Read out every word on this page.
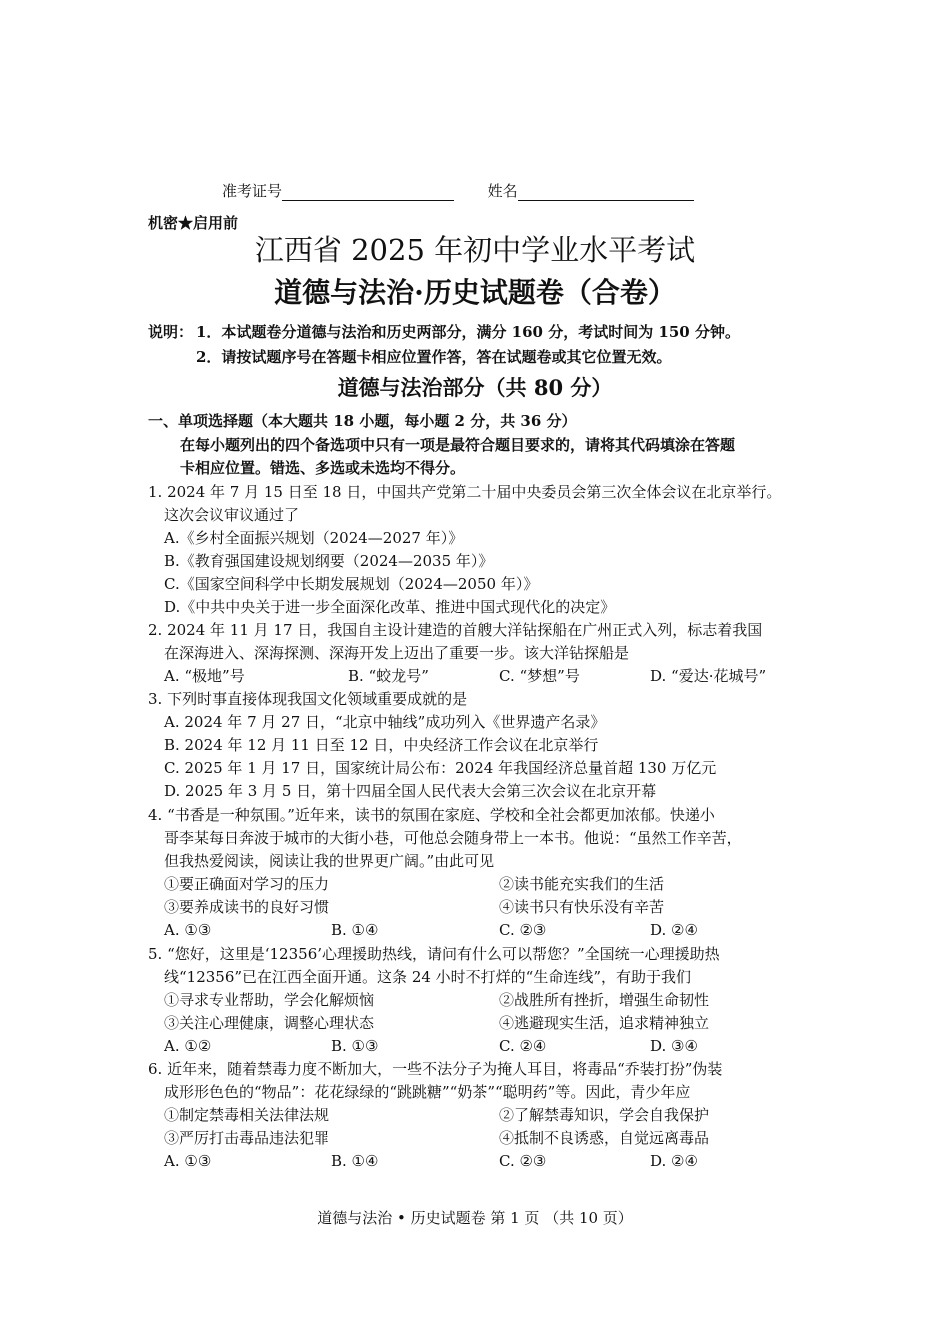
准考证号	姓名
机密★启用前
江西省 2025 年初中学业水平考试
道德与法治·历史试题卷（合卷）
说明： 1．本试题卷分道德与法治和历史两部分，满分 160 分，考试时间为 150 分钟。
2．请按试题序号在答题卡相应位置作答，答在试题卷或其它位置无效。
道德与法治部分（共 80 分）
一、单项选择题（本大题共 18 小题，每小题 2 分，共 36 分）
在每小题列出的四个备选项中只有一项是最符合题目要求的，请将其代码填涂在答题
卡相应位置。错选、多选或未选均不得分。
1. 2024 年 7 月 15 日至 18 日，中国共产党第二十届中央委员会第三次全体会议在北京举行。
这次会议审议通过了
A.《乡村全面振兴规划（2024—2027 年）》
B.《教育强国建设规划纲要（2024—2035 年）》
C.《国家空间科学中长期发展规划（2024—2050 年）》
D.《中共中央关于进一步全面深化改革、推进中国式现代化的决定》
2. 2024 年 11 月 17 日，我国自主设计建造的首艘大洋钻探船在广州正式入列，标志着我国
在深海进入、深海探测、深海开发上迈出了重要一步。该大洋钻探船是
A. “极地”号	B. “蛟龙号”	C. “梦想”号	D. “爱达·花城号”
3. 下列时事直接体现我国文化领域重要成就的是
A. 2024 年 7 月 27 日，“北京中轴线”成功列入《世界遗产名录》
B. 2024 年 12 月 11 日至 12 日，中央经济工作会议在北京举行
C. 2025 年 1 月 17 日，国家统计局公布：2024 年我国经济总量首超 130 万亿元
D. 2025 年 3 月 5 日，第十四届全国人民代表大会第三次会议在北京开幕
4. “书香是一种氛围。”近年来，读书的氛围在家庭、学校和全社会都更加浓郁。快递小
哥李某每日奔波于城市的大街小巷，可他总会随身带上一本书。他说：“虽然工作辛苦，
但我热爱阅读，阅读让我的世界更广阔。”由此可见
①要正确面对学习的压力	②读书能充实我们的生活
③要养成读书的良好习惯	④读书只有快乐没有辛苦
A. ①③	B. ①④	C. ②③	D. ②④
5. “您好，这里是‘12356’心理援助热线，请问有什么可以帮您？”全国统一心理援助热
线“12356”已在江西全面开通。这条 24 小时不打烊的“生命连线”，有助于我们
①寻求专业帮助，学会化解烦恼	②战胜所有挫折，增强生命韧性
③关注心理健康，调整心理状态	④逃避现实生活，追求精神独立
A. ①②	B. ①③	C. ②④	D. ③④
6. 近年来，随着禁毒力度不断加大，一些不法分子为掩人耳目，将毒品“乔装打扮”伪装
成形形色色的“物品”：花花绿绿的“跳跳糖”“奶茶”“聪明药”等。因此，青少年应
①制定禁毒相关法律法规	②了解禁毒知识，学会自我保护
③严厉打击毒品违法犯罪	④抵制不良诱惑，自觉远离毒品
A. ①③	B. ①④	C. ②③	D. ②④
道德与法治 • 历史试题卷 第 1 页 （共 10 页）
